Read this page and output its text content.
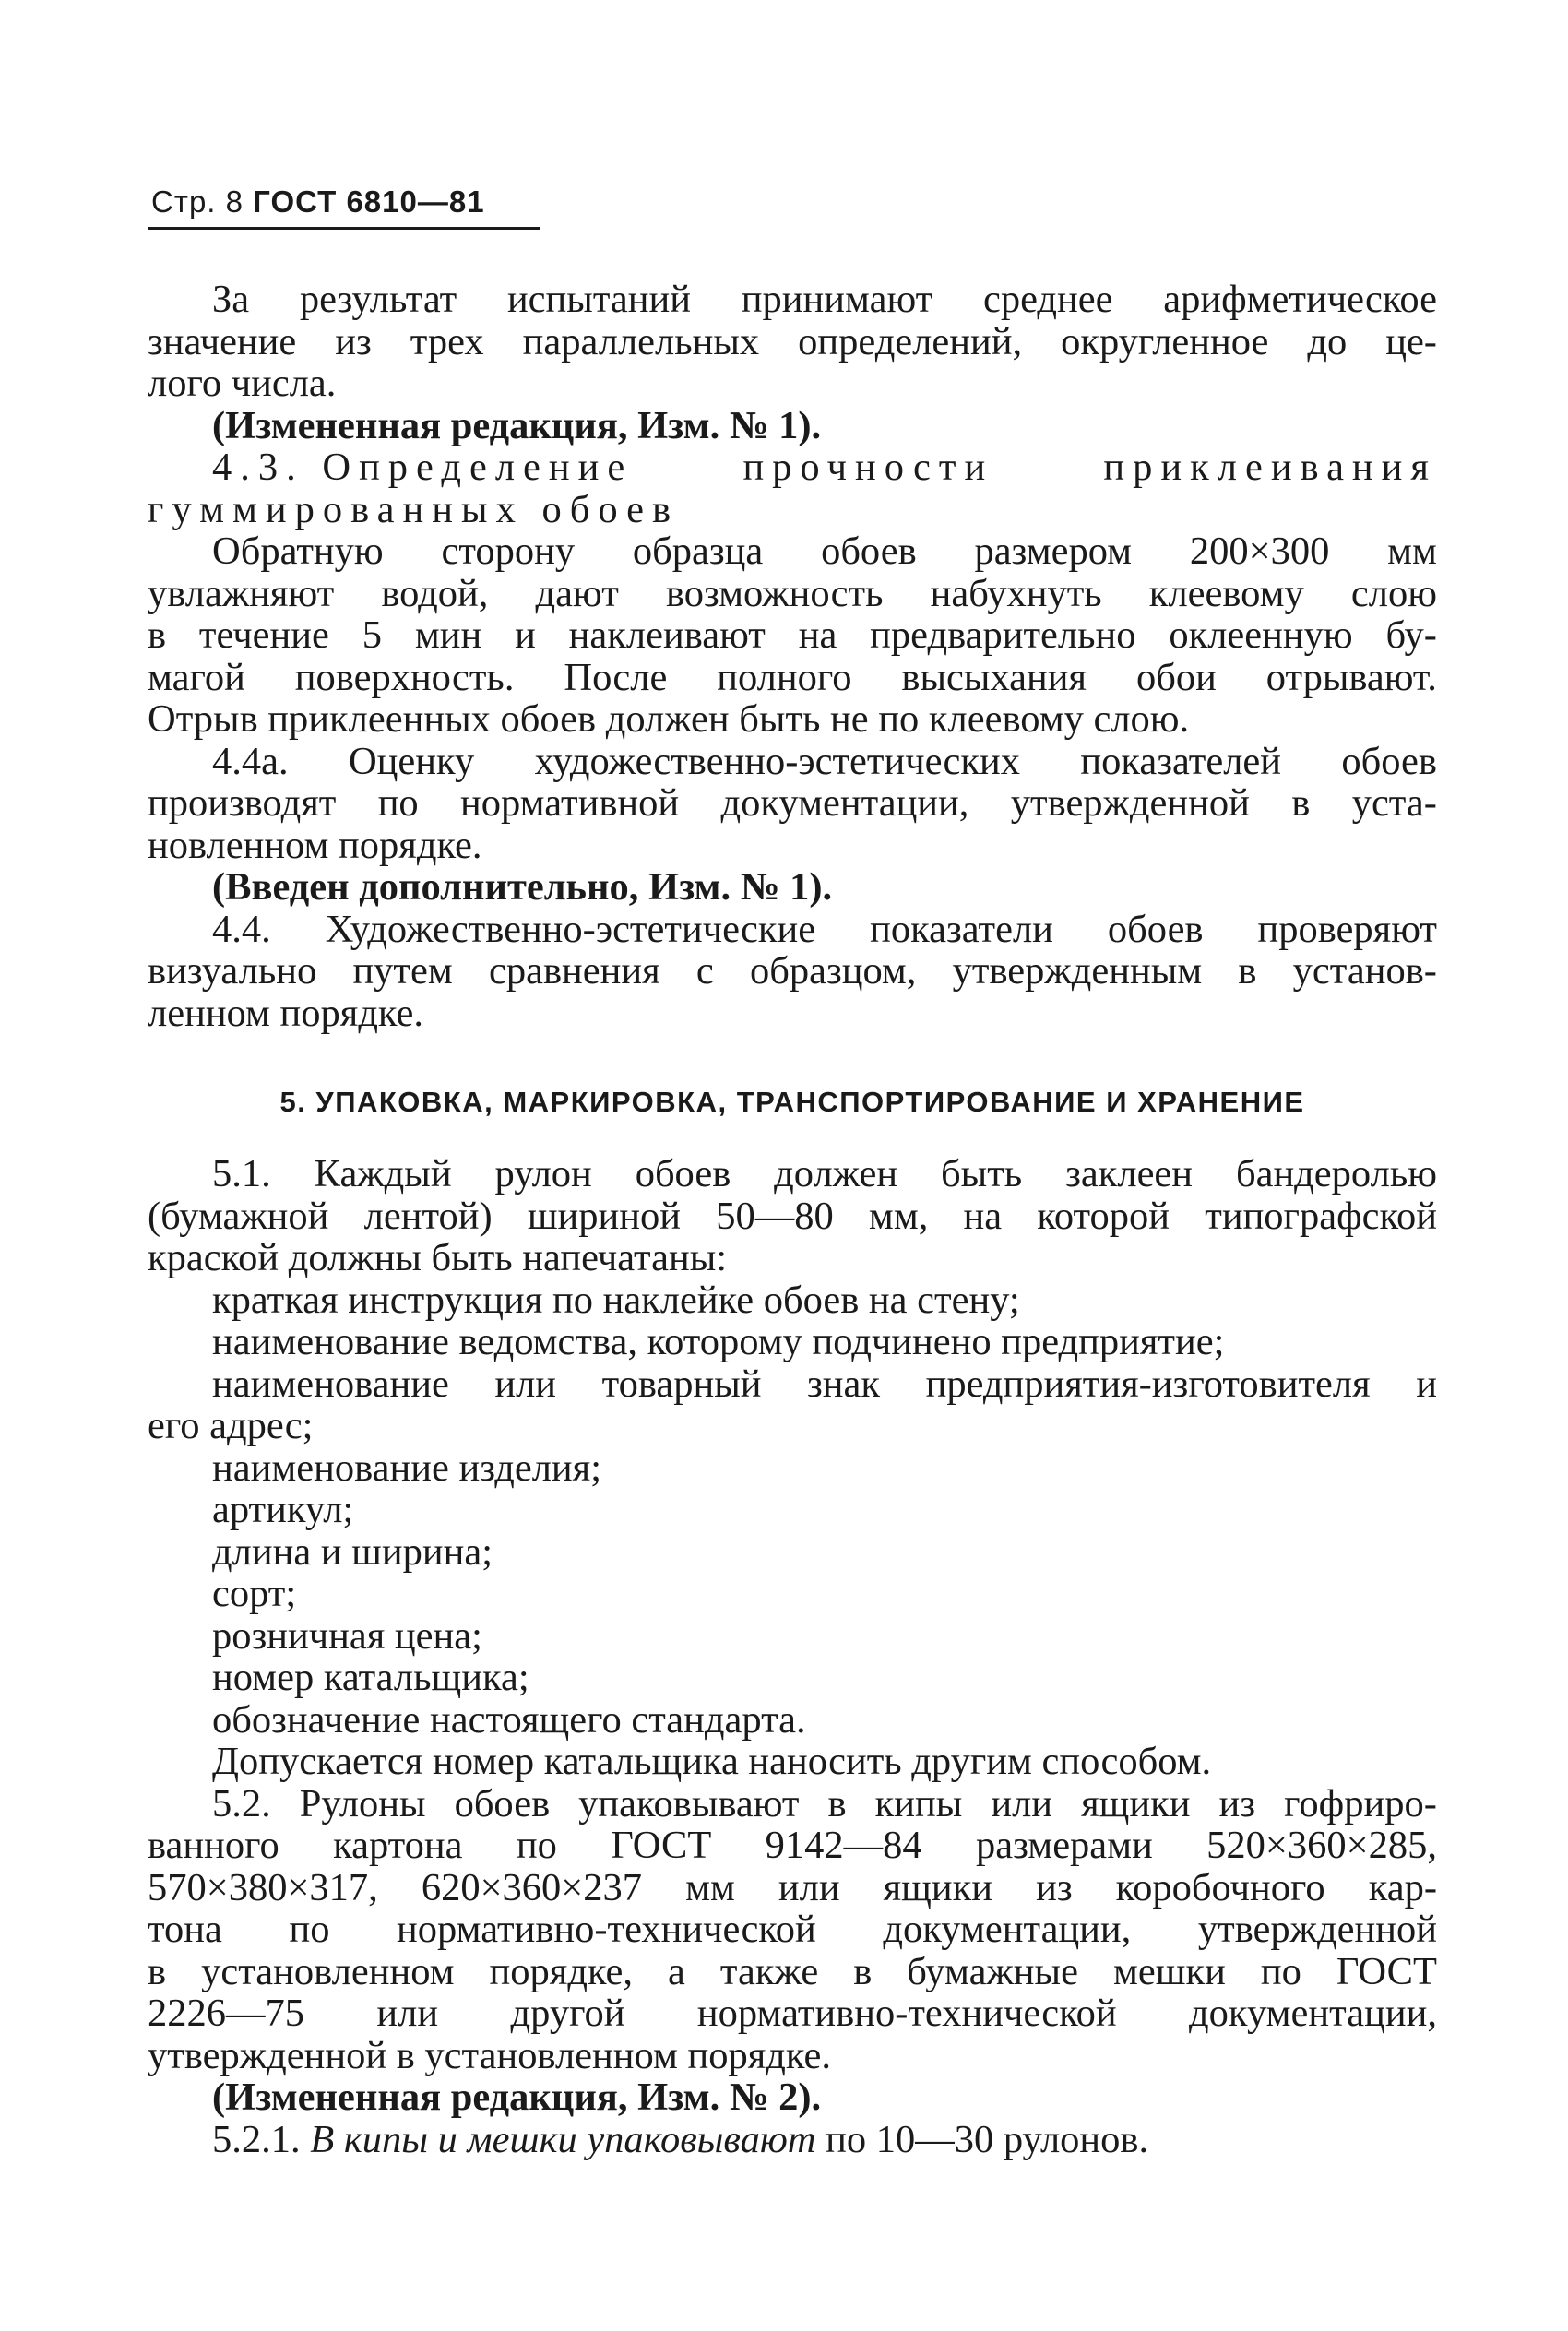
Стр. 8 ГОСТ 6810—81
За результат испытаний принимают среднее арифметическое
значение из трех параллельных определений, округленное до це-
лого числа.
(Измененная редакция, Изм. № 1).
4.3. Определение	прочности	приклеивания
гуммированных обоев
Обратную сторону образца обоев размером 200×300 мм
увлажняют водой, дают возможность набухнуть клеевому слою
в течение 5 мин и наклеивают на предварительно оклеенную бу-
магой поверхность. После полного высыхания обои отрывают.
Отрыв приклеенных обоев должен быть не по клеевому слою.
4.4а. Оценку художественно-эстетических показателей обоев
производят по нормативной документации, утвержденной в уста-
новленном порядке.
(Введен дополнительно, Изм. № 1).
4.4. Художественно-эстетические показатели обоев проверяют
визуально путем сравнения с образцом, утвержденным в установ-
ленном порядке.
5. УПАКОВКА, МАРКИРОВКА, ТРАНСПОРТИРОВАНИЕ И ХРАНЕНИЕ
5.1. Каждый рулон обоев должен быть заклеен бандеролью
(бумажной лентой) шириной 50—80 мм, на которой типографской
краской должны быть напечатаны:
краткая инструкция по наклейке обоев на стену;
наименование ведомства, которому подчинено предприятие;
наименование или товарный знак предприятия-изготовителя и
его адрес;
наименование изделия;
артикул;
длина и ширина;
сорт;
розничная цена;
номер катальщика;
обозначение настоящего стандарта.
Допускается номер катальщика наносить другим способом.
5.2. Рулоны обоев упаковывают в кипы или ящики из гофриро-
ванного картона по ГОСТ 9142—84 размерами 520×360×285,
570×380×317, 620×360×237 мм или ящики из коробочного кар-
тона по нормативно-технической документации, утвержденной
в установленном порядке, а также в бумажные мешки по ГОСТ
2226—75 или другой нормативно-технической документации,
утвержденной в установленном порядке.
(Измененная редакция, Изм. № 2).
5.2.1.
В кипы и мешки упаковывают
по 10—30 рулонов.
